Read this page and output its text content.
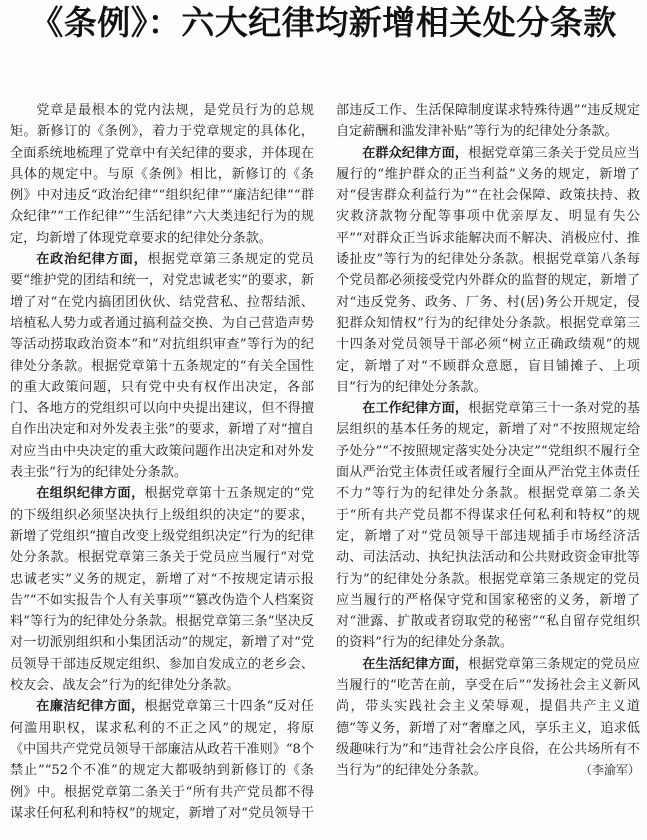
《条例》：六大纪律均新增相关处分条款

党章是最根本的党内法规，是党员行为的总规矩。新修订的《条例》，着力于党章规定的具体化，全面系统地梳理了党章中有关纪律的要求，并体现在具体的规定中。与原《条例》相比，新修订的《条例》中对违反“政治纪律”“组织纪律”“廉洁纪律”“群众纪律”“工作纪律”“生活纪律”六大类违纪行为的规定，均新增了体现党章要求的纪律处分条款。

在政治纪律方面，根据党章第三条规定的党员要“维护党的团结和统一，对党忠诚老实”的要求，新增了对“在党内搞团团伙伙、结党营私、拉帮结派、培植私人势力或者通过搞利益交换、为自己营造声势等活动捞取政治资本”和“对抗组织审查”等行为的纪律处分条款。根据党章第十五条规定的“有关全国性的重大政策问题，只有党中央有权作出决定，各部门、各地方的党组织可以向中央提出建议，但不得擅自作出决定和对外发表主张”的要求，新增了对“擅自对应当由中央决定的重大政策问题作出决定和对外发表主张”行为的纪律处分条款。

在组织纪律方面，根据党章第十五条规定的“党的下级组织必须坚决执行上级组织的决定”的要求，新增了党组织“擅自改变上级党组织决定”行为的纪律处分条款。根据党章第三条关于党员应当履行“对党忠诚老实”义务的规定，新增了对“不按规定请示报告”“不如实报告个人有关事项”“篡改伪造个人档案资料”等行为的纪律处分条款。根据党章第三条“坚决反对一切派别组织和小集团活动”的规定，新增了对“党员领导干部违反规定组织、参加自发成立的老乡会、校友会、战友会”行为的纪律处分条款。

在廉洁纪律方面，根据党章第三十四条“反对任何滥用职权，谋求私利的不正之风”的规定，将原《中国共产党党员领导干部廉洁从政若干准则》“8个禁止”“52个不准”的规定大都吸纳到新修订的《条例》中。根据党章第二条关于“所有共产党员都不得谋求任何私利和特权”的规定，新增了对“党员领导干部违反工作、生活保障制度谋求特殊待遇”“违反规定自定薪酬和滥发津补贴”等行为的纪律处分条款。

在群众纪律方面，根据党章第三条关于党员应当履行的“维护群众的正当利益”义务的规定，新增了对“侵害群众利益行为”“在社会保障、政策扶持、救灾救济款物分配等事项中优亲厚友、明显有失公平”“对群众正当诉求能解决而不解决、消极应付、推诿扯皮”等行为的纪律处分条款。根据党章第八条每个党员都必须接受党内外群众的监督的规定，新增了对“违反党务、政务、厂务、村(居)务公开规定，侵犯群众知情权”行为的纪律处分条款。根据党章第三十四条对党员领导干部必须“树立正确政绩观”的规定，新增了对“不顾群众意愿，盲目铺摊子、上项目”行为的纪律处分条款。

在工作纪律方面，根据党章第三十一条对党的基层组织的基本任务的规定，新增了对“不按照规定给予处分”“不按照规定落实处分决定”“党组织不履行全面从严治党主体责任或者履行全面从严治党主体责任不力”等行为的纪律处分条款。根据党章第二条关于“所有共产党员都不得谋求任何私利和特权”的规定，新增了对“党员领导干部违规插手市场经济活动、司法活动、执纪执法活动和公共财政资金审批等行为”的纪律处分条款。根据党章第三条规定的党员应当履行的严格保守党和国家秘密的义务，新增了对“泄露、扩散或者窃取党的秘密”“私自留存党组织的资料”行为的纪律处分条款。

在生活纪律方面，根据党章第三条规定的党员应当履行的“吃苦在前，享受在后”“发扬社会主义新风尚，带头实践社会主义荣辱观，提倡共产主义道德”等义务，新增了对“奢靡之风，享乐主义，追求低级趣味行为”和“违背社会公序良俗，在公共场所有不当行为”的纪律处分条款。	（李渝军）
